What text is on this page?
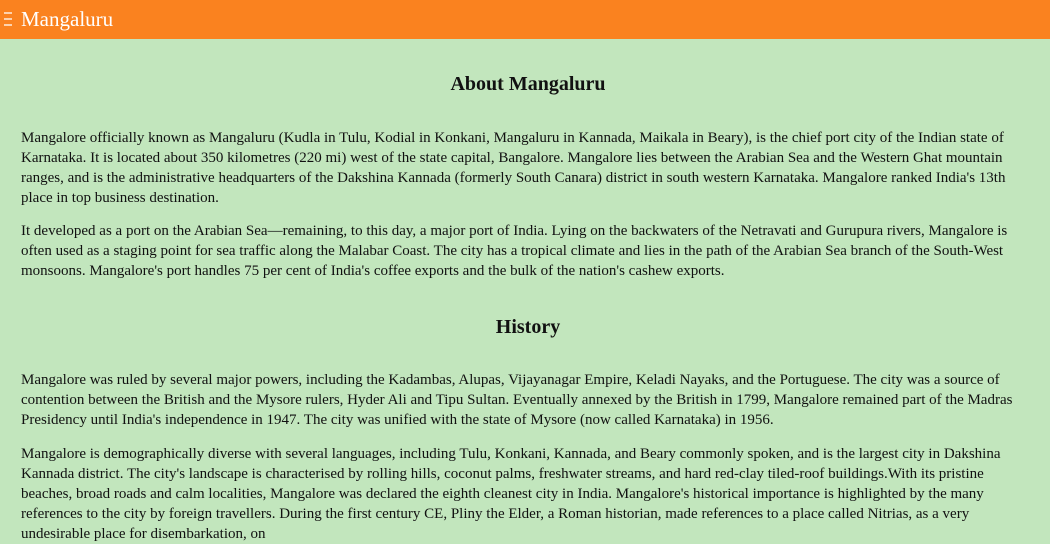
Mangaluru
About Mangaluru

Mangalore officially known as Mangaluru (Kudla in Tulu, Kodial in Konkani, Mangaluru in Kannada, Maikala in Beary), is the chief port city of the Indian state of Karnataka. It is located about 350 kilometres (220 mi) west of the state capital, Bangalore. Mangalore lies between the Arabian Sea and the Western Ghat mountain ranges, and is the administrative headquarters of the Dakshina Kannada (formerly South Canara) district in south western Karnataka. Mangalore ranked India's 13th place in top business destination.

It developed as a port on the Arabian Sea—remaining, to this day, a major port of India. Lying on the backwaters of the Netravati and Gurupura rivers, Mangalore is often used as a staging point for sea traffic along the Malabar Coast. The city has a tropical climate and lies in the path of the Arabian Sea branch of the South-West monsoons. Mangalore's port handles 75 per cent of India's coffee exports and the bulk of the nation's cashew exports.

History

Mangalore was ruled by several major powers, including the Kadambas, Alupas, Vijayanagar Empire, Keladi Nayaks, and the Portuguese. The city was a source of contention between the British and the Mysore rulers, Hyder Ali and Tipu Sultan. Eventually annexed by the British in 1799, Mangalore remained part of the Madras Presidency until India's independence in 1947. The city was unified with the state of Mysore (now called Karnataka) in 1956.

Mangalore is demographically diverse with several languages, including Tulu, Konkani, Kannada, and Beary commonly spoken, and is the largest city in Dakshina Kannada district. The city's landscape is characterised by rolling hills, coconut palms, freshwater streams, and hard red-clay tiled-roof buildings.With its pristine beaches, broad roads and calm localities, Mangalore was declared the eighth cleanest city in India. Mangalore's historical importance is highlighted by the many references to the city by foreign travellers. During the first century CE, Pliny the Elder, a Roman historian, made references to a place called Nitrias, as a very undesirable place for disembarkation, on
